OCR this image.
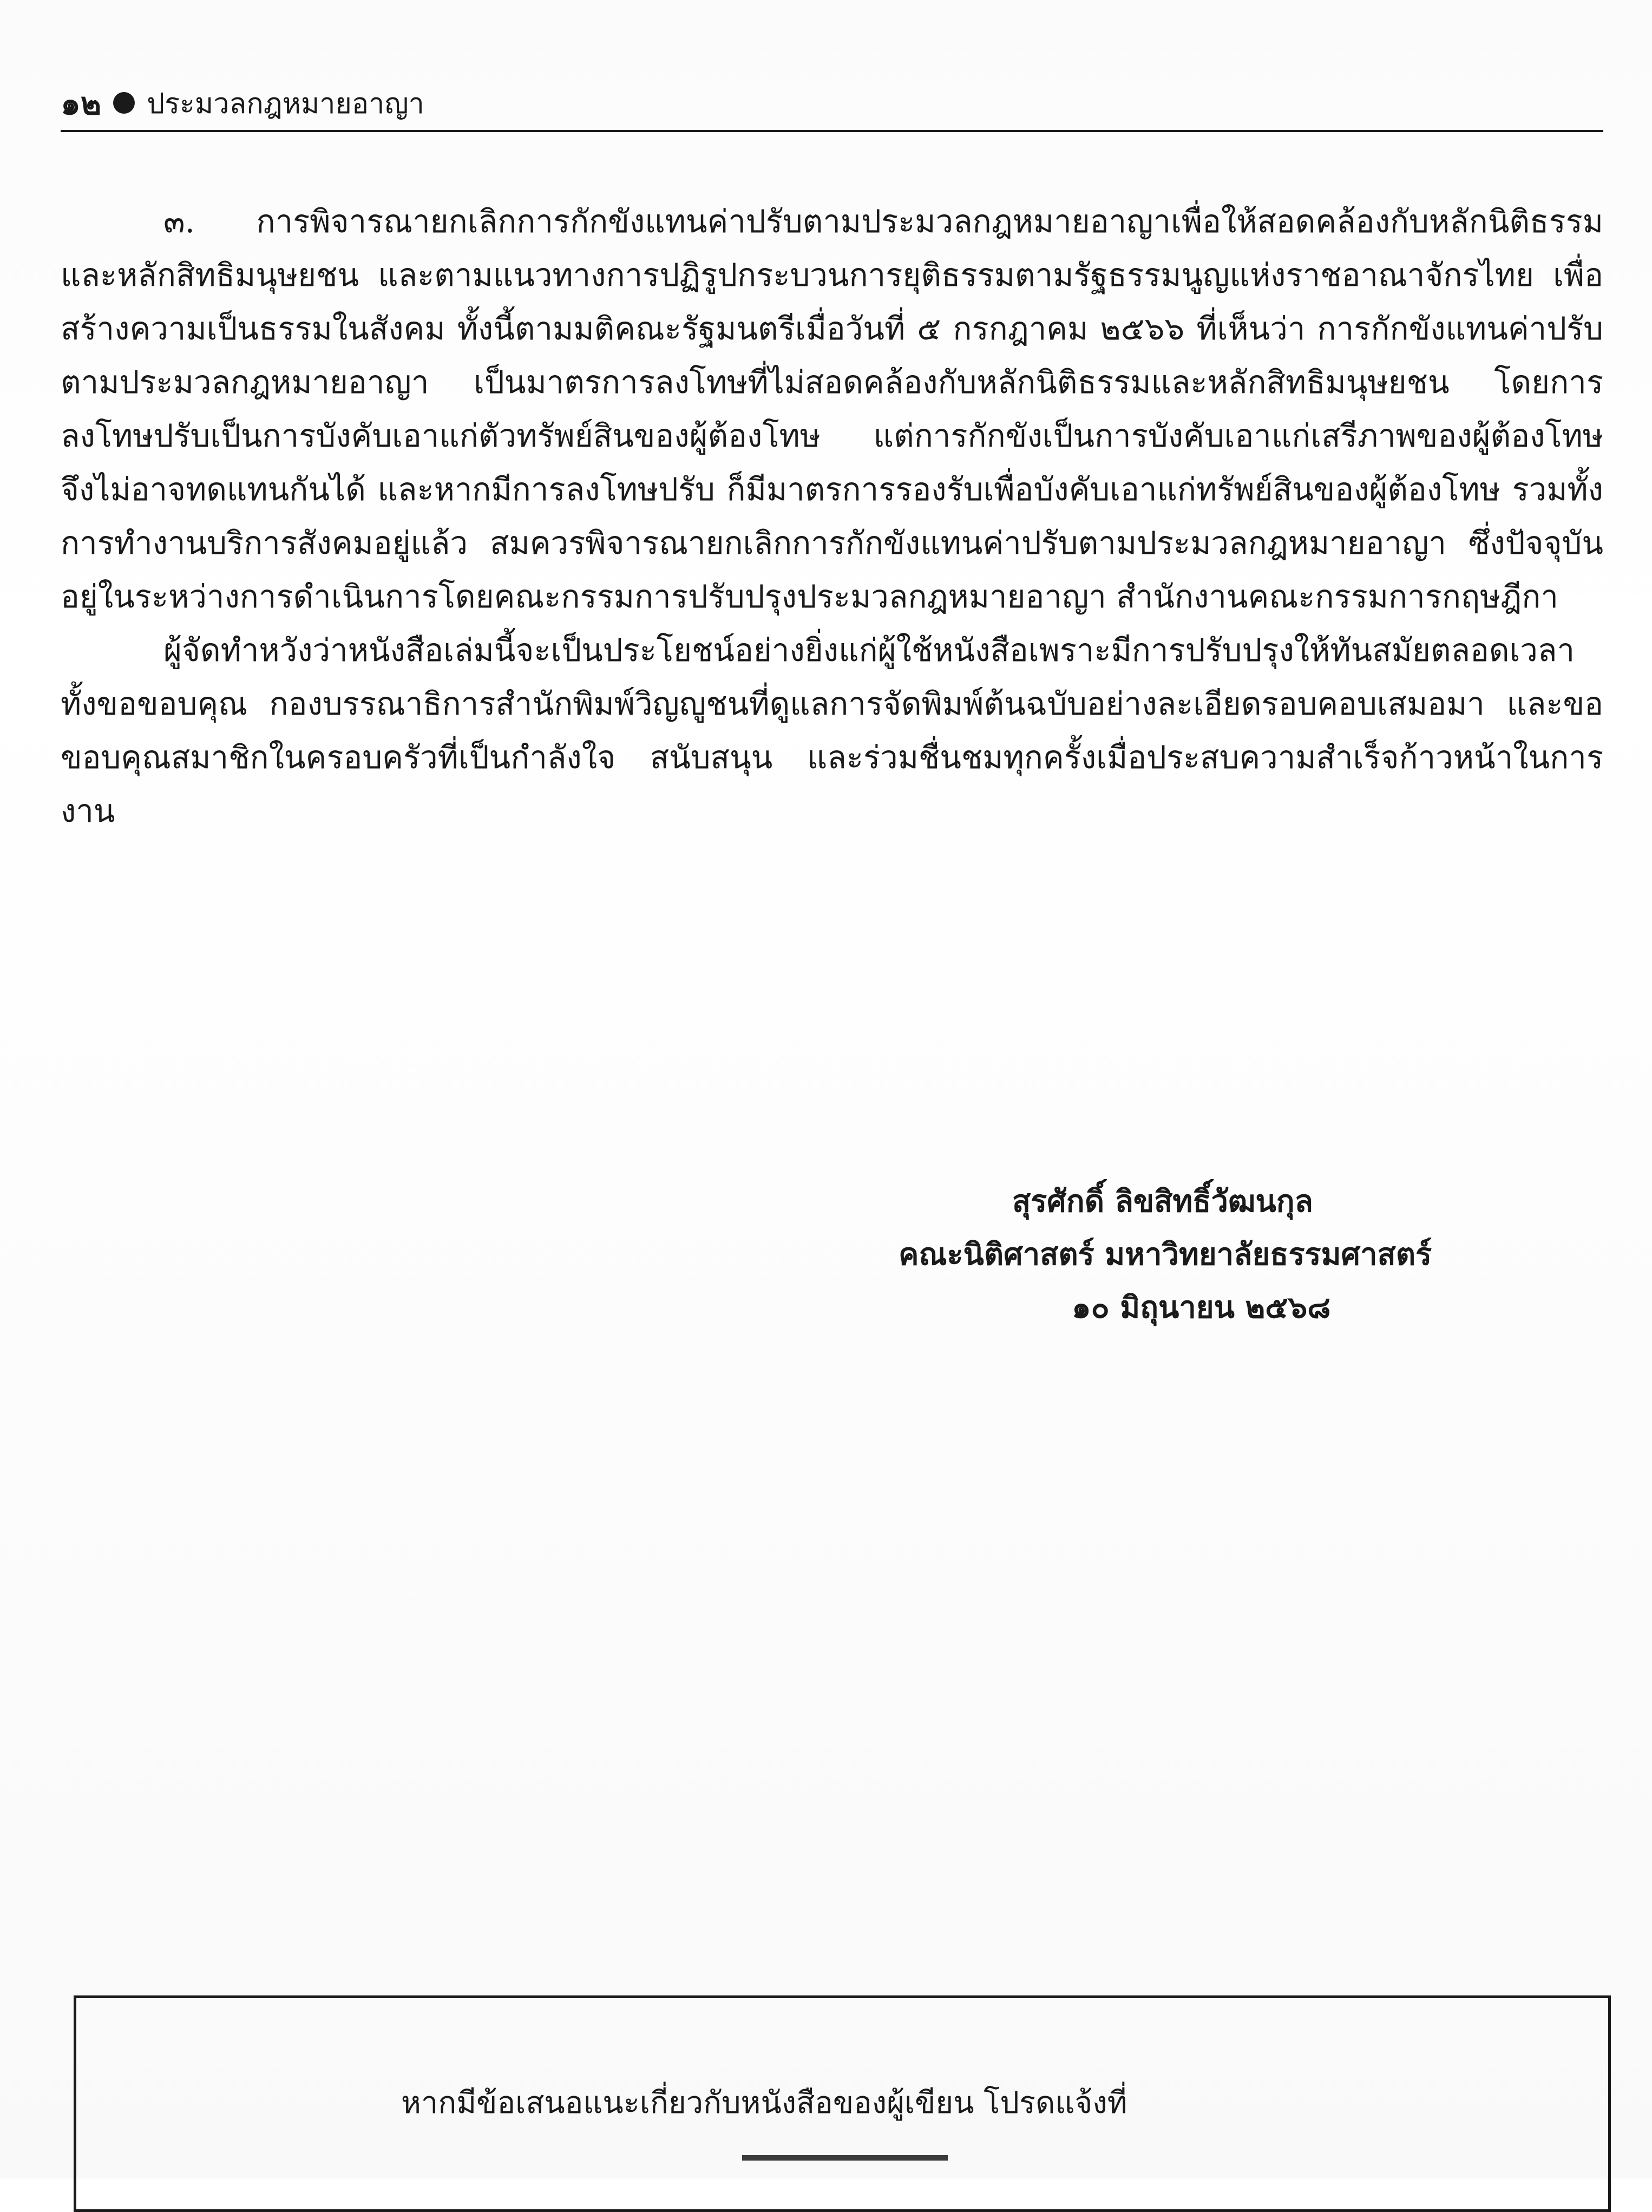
๑๒ ประมวลกฎหมายอาญา

๓. การพิจารณายกเลิกการกักขังแทนค่าปรับตามประมวลกฎหมายอาญาเพื่อให้สอดคล้องกับหลักนิติธรรมและหลักสิทธิมนุษยชน และตามแนวทางการปฏิรูปกระบวนการยุติธรรมตามรัฐธรรมนูญแห่งราชอาณาจักรไทย เพื่อสร้างความเป็นธรรมในสังคม ทั้งนี้ตามมติคณะรัฐมนตรีเมื่อวันที่ ๕ กรกฎาคม ๒๕๖๖ ที่เห็นว่า การกักขังแทนค่าปรับตามประมวลกฎหมายอาญา เป็นมาตรการลงโทษที่ไม่สอดคล้องกับหลักนิติธรรมและหลักสิทธิมนุษยชน โดยการลงโทษปรับเป็นการบังคับเอาแก่ตัวทรัพย์สินของผู้ต้องโทษ แต่การกักขังเป็นการบังคับเอาแก่เสรีภาพของผู้ต้องโทษ จึงไม่อาจทดแทนกันได้ และหากมีการลงโทษปรับ ก็มีมาตรการรองรับเพื่อบังคับเอาแก่ทรัพย์สินของผู้ต้องโทษ รวมทั้งการทำงานบริการสังคมอยู่แล้ว สมควรพิจารณายกเลิกการกักขังแทนค่าปรับตามประมวลกฎหมายอาญา ซึ่งปัจจุบันอยู่ในระหว่างการดำเนินการโดยคณะกรรมการปรับปรุงประมวลกฎหมายอาญา สำนักงานคณะกรรมการกฤษฎีกา

ผู้จัดทำหวังว่าหนังสือเล่มนี้จะเป็นประโยชน์อย่างยิ่งแก่ผู้ใช้หนังสือเพราะมีการปรับปรุงให้ทันสมัยตลอดเวลา ทั้งขอขอบคุณ กองบรรณาธิการสำนักพิมพ์วิญญูชนที่ดูแลการจัดพิมพ์ต้นฉบับอย่างละเอียดรอบคอบเสมอมา และขอขอบคุณสมาชิกในครอบครัวที่เป็นกำลังใจ สนับสนุน และร่วมชื่นชมทุกครั้งเมื่อประสบความสำเร็จก้าวหน้าในการงาน

สุรศักดิ์ ลิขสิทธิ์วัฒนกุล
คณะนิติศาสตร์ มหาวิทยาลัยธรรมศาสตร์
๑๐ มิถุนายน ๒๕๖๘
หากมีข้อเสนอแนะเกี่ยวกับหนังสือของผู้เขียน โปรดแจ้งที่
